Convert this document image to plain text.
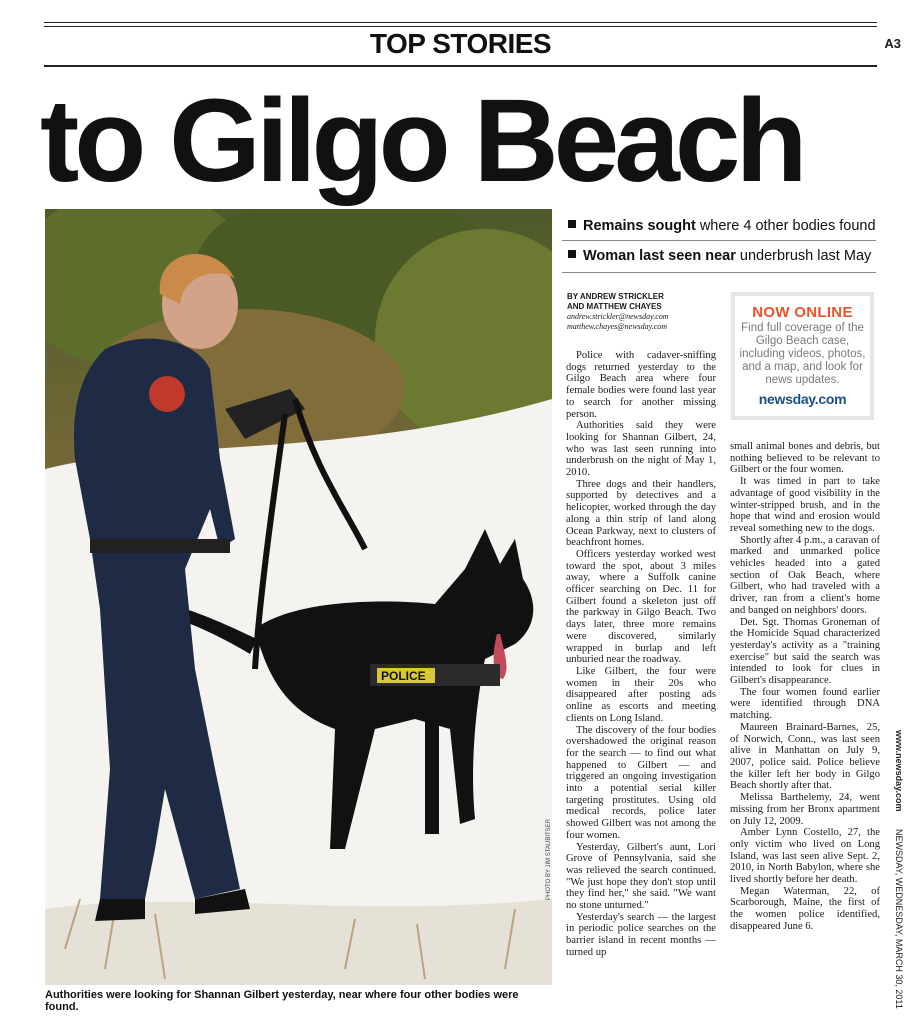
TOP STORIES	A3
to Gilgo Beach
POLICE
PHOTO BY JIM STAUBITSER
Authorities were looking for Shannan Gilbert yesterday, near where four other bodies were found.
Remains sought where 4 other bodies found
Woman last seen near underbrush last May
BY ANDREW STRICKLER
AND MATTHEW CHAYES
andrew.strickler@newsday.com
matthew.chayes@newsday.com
NOW ONLINE
Find full coverage of the Gilgo Beach case, including videos, photos, and a map, and look for news updates.
newsday.com

Police with cadaver-sniffing dogs returned yesterday to the Gilgo Beach area where four female bodies were found last year to search for another missing person.

Authorities said they were looking for Shannan Gilbert, 24, who was last seen running into underbrush on the night of May 1, 2010.

Three dogs and their handlers, supported by detectives and a helicopter, worked through the day along a thin strip of land along Ocean Parkway, next to clusters of beachfront homes.

Officers yesterday worked west toward the spot, about 3 miles away, where a Suffolk canine officer searching on Dec. 11 for Gilbert found a skeleton just off the parkway in Gilgo Beach. Two days later, three more remains were discovered, similarly wrapped in burlap and left unburied near the roadway.

Like Gilbert, the four were women in their 20s who disappeared after posting ads online as escorts and meeting clients on Long Island.

The discovery of the four bodies overshadowed the original reason for the search — to find out what happened to Gilbert — and triggered an ongoing investigation into a potential serial killer targeting prostitutes. Using old medical records, police later showed Gilbert was not among the four women.

Yesterday, Gilbert's aunt, Lori Grove of Pennsylvania, said she was relieved the search continued. "We just hope they don't stop until they find her," she said. "We want no stone unturned."

Yesterday's search — the largest in periodic police searches on the barrier island in recent months — turned up

small animal bones and debris, but nothing believed to be relevant to Gilbert or the four women.

It was timed in part to take advantage of good visibility in the winter-stripped brush, and in the hope that wind and erosion would reveal something new to the dogs.

Shortly after 4 p.m., a caravan of marked and unmarked police vehicles headed into a gated section of Oak Beach, where Gilbert, who had traveled with a driver, ran from a client's home and banged on neighbors' doors.

Det. Sgt. Thomas Groneman of the Homicide Squad characterized yesterday's activity as a "training exercise" but said the search was intended to look for clues in Gilbert's disappearance.

The four women found earlier were identified through DNA matching.

Maureen Brainard-Barnes, 25, of Norwich, Conn., was last seen alive in Manhattan on July 9, 2007, police said. Police believe the killer left her body in Gilgo Beach shortly after that.

Melissa Barthelemy, 24, went missing from her Bronx apartment on July 12, 2009.

Amber Lynn Costello, 27, the only victim who lived on Long Island, was last seen alive Sept. 2, 2010, in North Babylon, where she lived shortly before her death.

Megan Waterman, 22, of Scarborough, Maine, the first of the women police identified, disappeared June 6.

www.newsday.com       NEWSDAY, WEDNESDAY, MARCH 30, 2011
